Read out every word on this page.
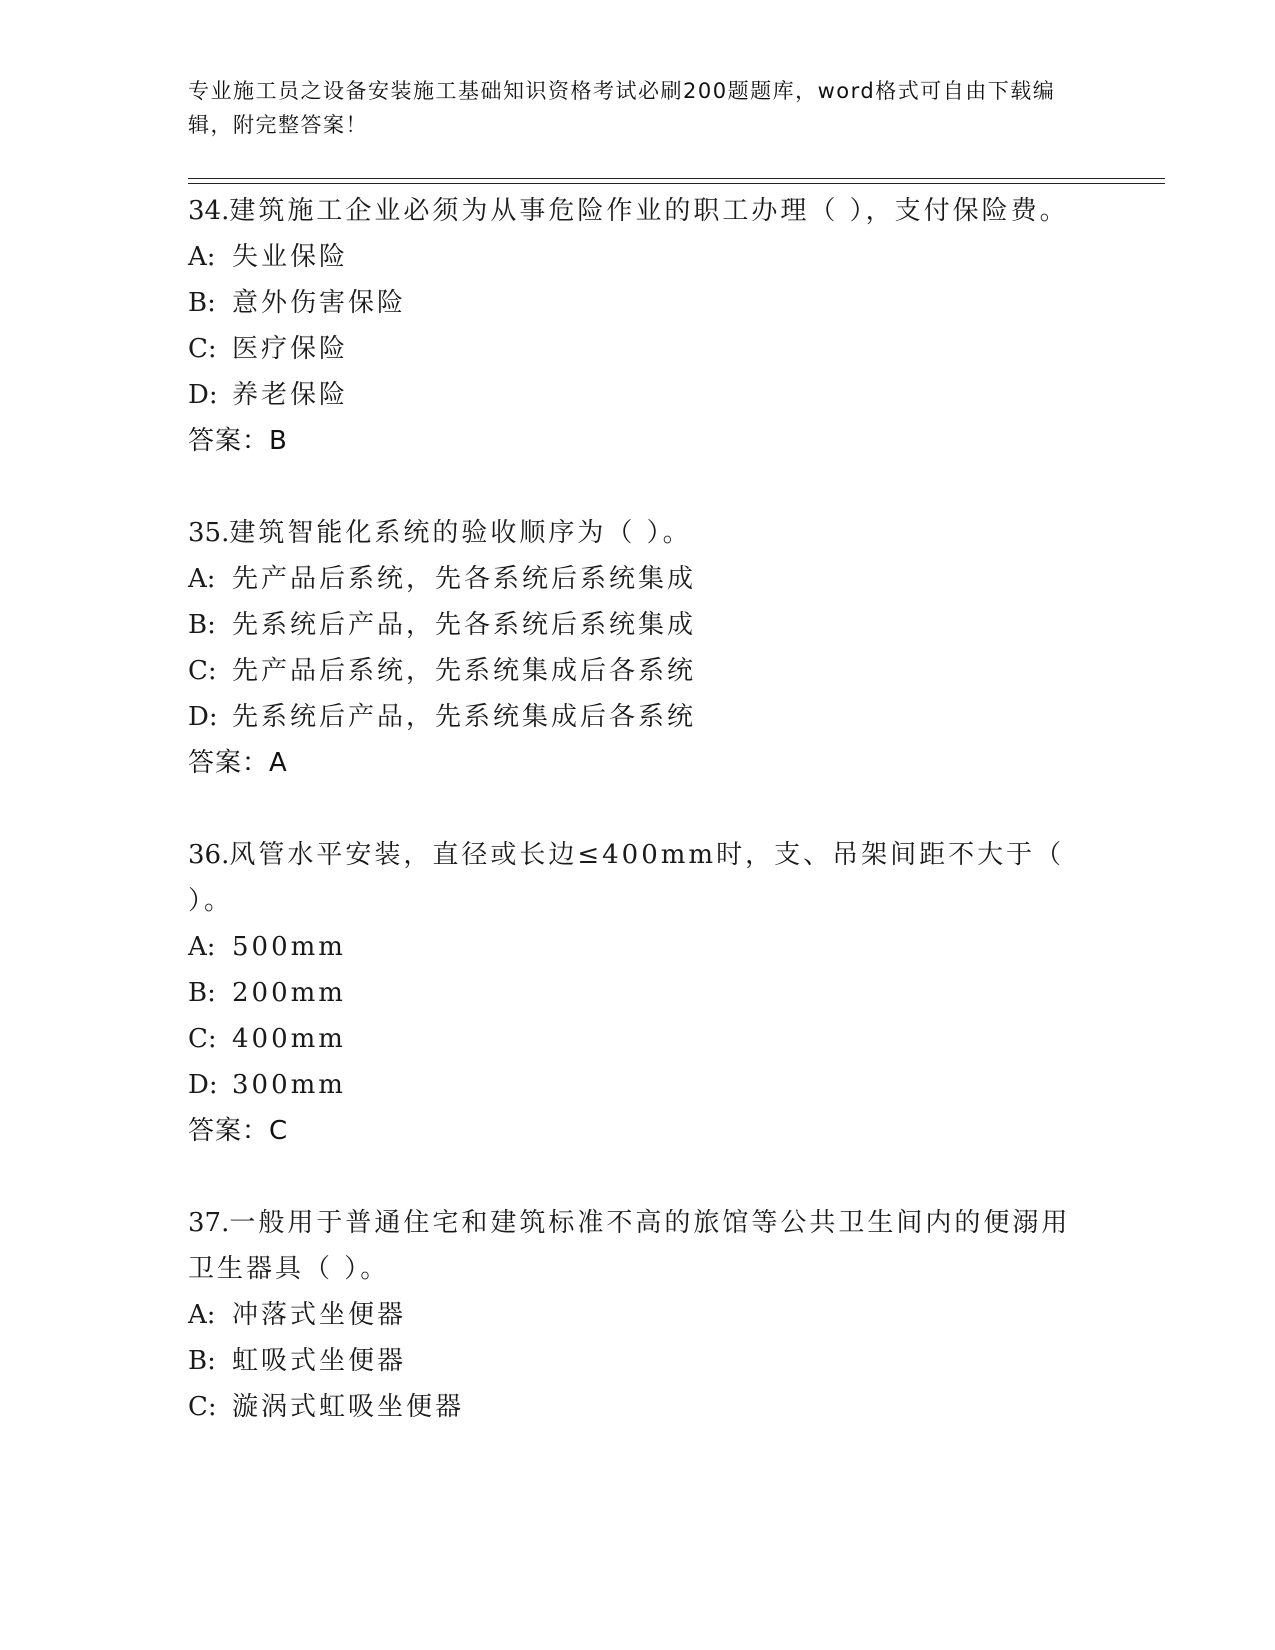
专业施工员之设备安装施工基础知识资格考试必刷200题题库，word格式可自由下载编辑，附完整答案！
34.建筑施工企业必须为从事危险作业的职工办理（ ），支付保险费。
A: 失业保险
B: 意外伤害保险
C: 医疗保险
D: 养老保险
答案：B
35.建筑智能化系统的验收顺序为（ ）。
A: 先产品后系统，先各系统后系统集成
B: 先系统后产品，先各系统后系统集成
C: 先产品后系统，先系统集成后各系统
D: 先系统后产品，先系统集成后各系统
答案：A
36.风管水平安装，直径或长边≤400mm时，支、吊架间距不大于（ ）。
A: 500mm
B: 200mm
C: 400mm
D: 300mm
答案：C
37.一般用于普通住宅和建筑标准不高的旅馆等公共卫生间内的便溺用卫生器具（ ）。
A: 冲落式坐便器
B: 虹吸式坐便器
C: 漩涡式虹吸坐便器
